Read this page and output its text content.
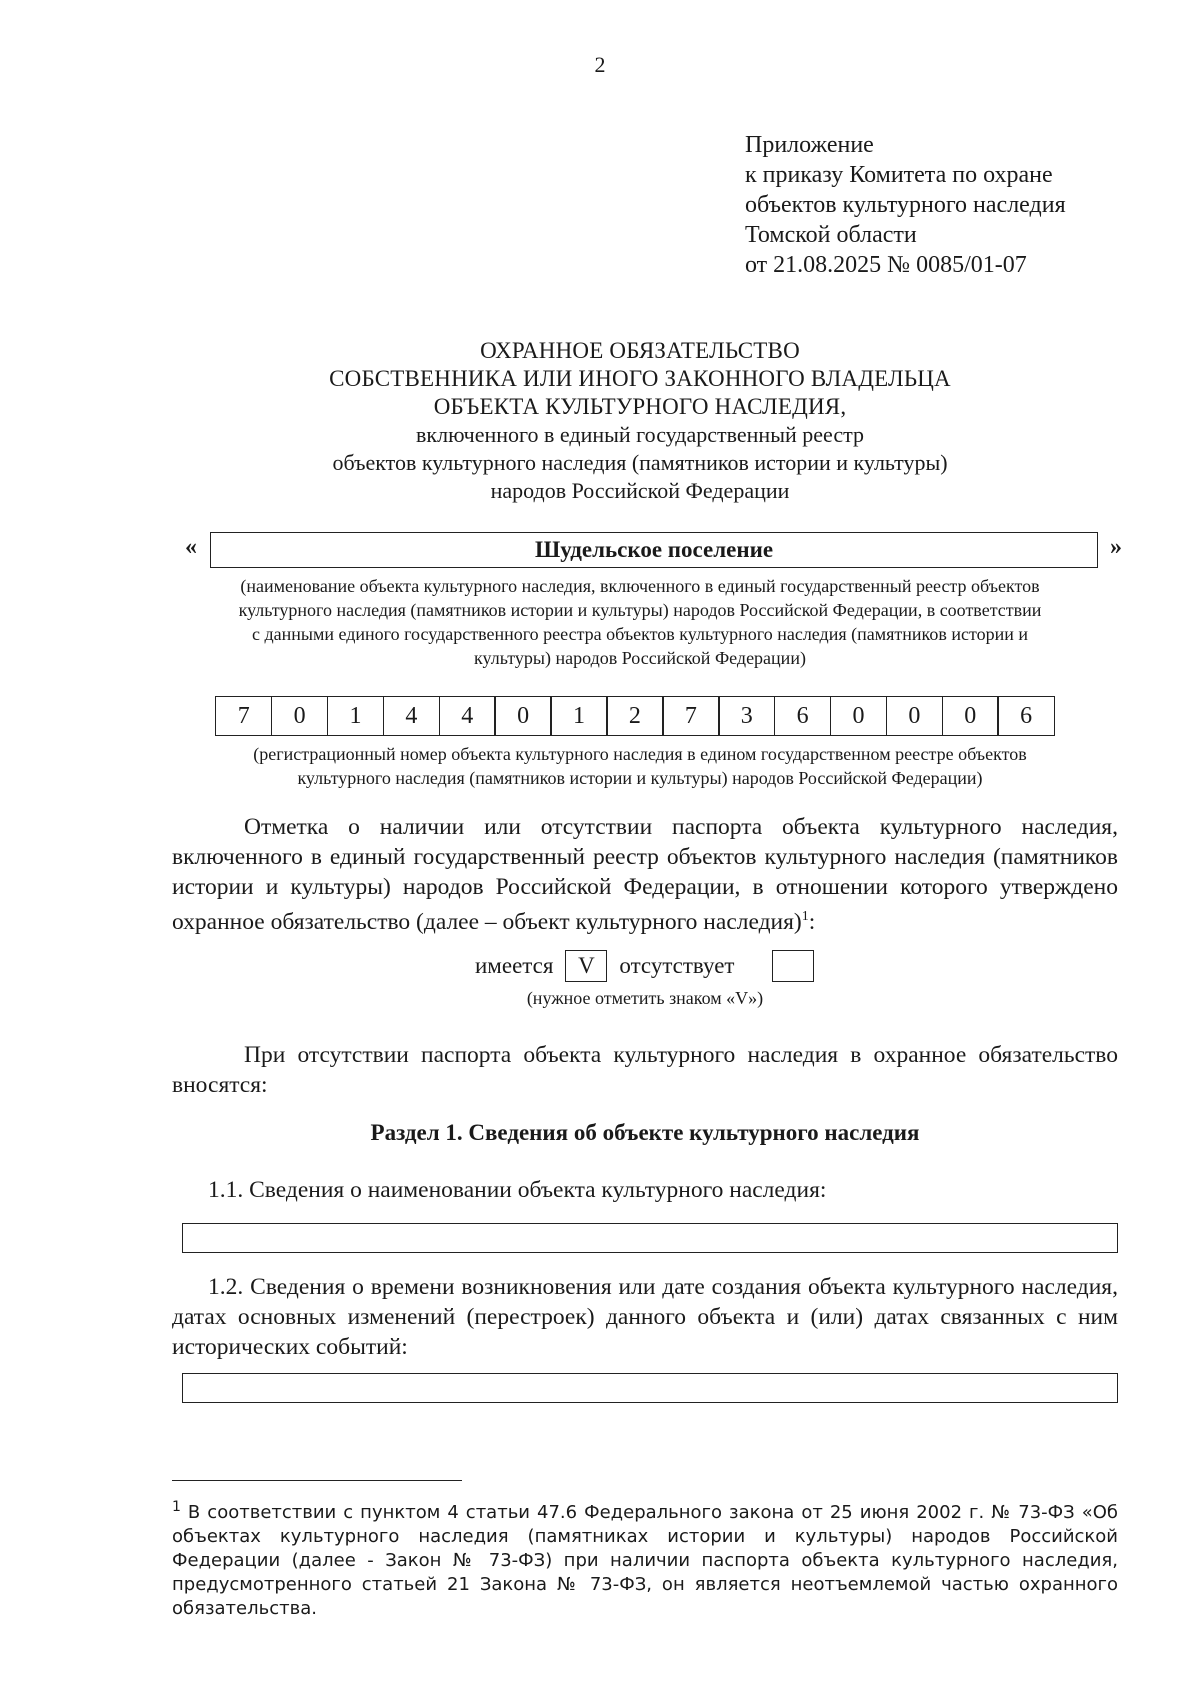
2
Приложение
к приказу Комитета по охране
объектов культурного наследия
Томской области
от 21.08.2025 № 0085/01-07
ОХРАННОЕ ОБЯЗАТЕЛЬСТВО
СОБСТВЕННИКА ИЛИ ИНОГО ЗАКОННОГО ВЛАДЕЛЬЦА
ОБЪЕКТА КУЛЬТУРНОГО НАСЛЕДИЯ,
включенного в единый государственный реестр
объектов культурного наследия (памятников истории и культуры)
народов Российской Федерации
«	Шудельское поселение	»
(наименование объекта культурного наследия, включенного в единый государственный реестр объектов
культурного наследия (памятников истории и культуры) народов Российской Федерации, в соответствии
с данными единого государственного реестра объектов культурного наследия (памятников истории и
культуры) народов Российской Федерации)
7	0	1	4	4	0	1	2	7	3	6	0	0	0	6
(регистрационный номер объекта культурного наследия в едином государственном реестре объектов
культурного наследия (памятников истории и культуры) народов Российской Федерации)
Отметка о наличии или отсутствии паспорта объекта культурного наследия, включенного в единый государственный реестр объектов культурного наследия (памятников истории и культуры) народов Российской Федерации, в отношении которого утверждено охранное обязательство (далее – объект культурного наследия)$^1$:
имеется	V	отсутствует
(нужное отметить знаком «V»)
При отсутствии паспорта объекта культурного наследия в охранное обязательство вносятся:
Раздел 1. Сведения об объекте культурного наследия
1.1. Сведения о наименовании объекта культурного наследия:
1.2. Сведения о времени возникновения или дате создания объекта культурного наследия, датах основных изменений (перестроек) данного объекта и (или) датах связанных с ним исторических событий:
$^1$ В соответствии с пунктом 4 статьи 47.6 Федерального закона от 25 июня 2002 г. № 73-ФЗ «Об объектах культурного наследия (памятниках истории и культуры) народов Российской Федерации (далее - Закон № 73-ФЗ) при наличии паспорта объекта культурного наследия, предусмотренного статьей 21 Закона № 73-ФЗ, он является неотъемлемой частью охранного обязательства.
